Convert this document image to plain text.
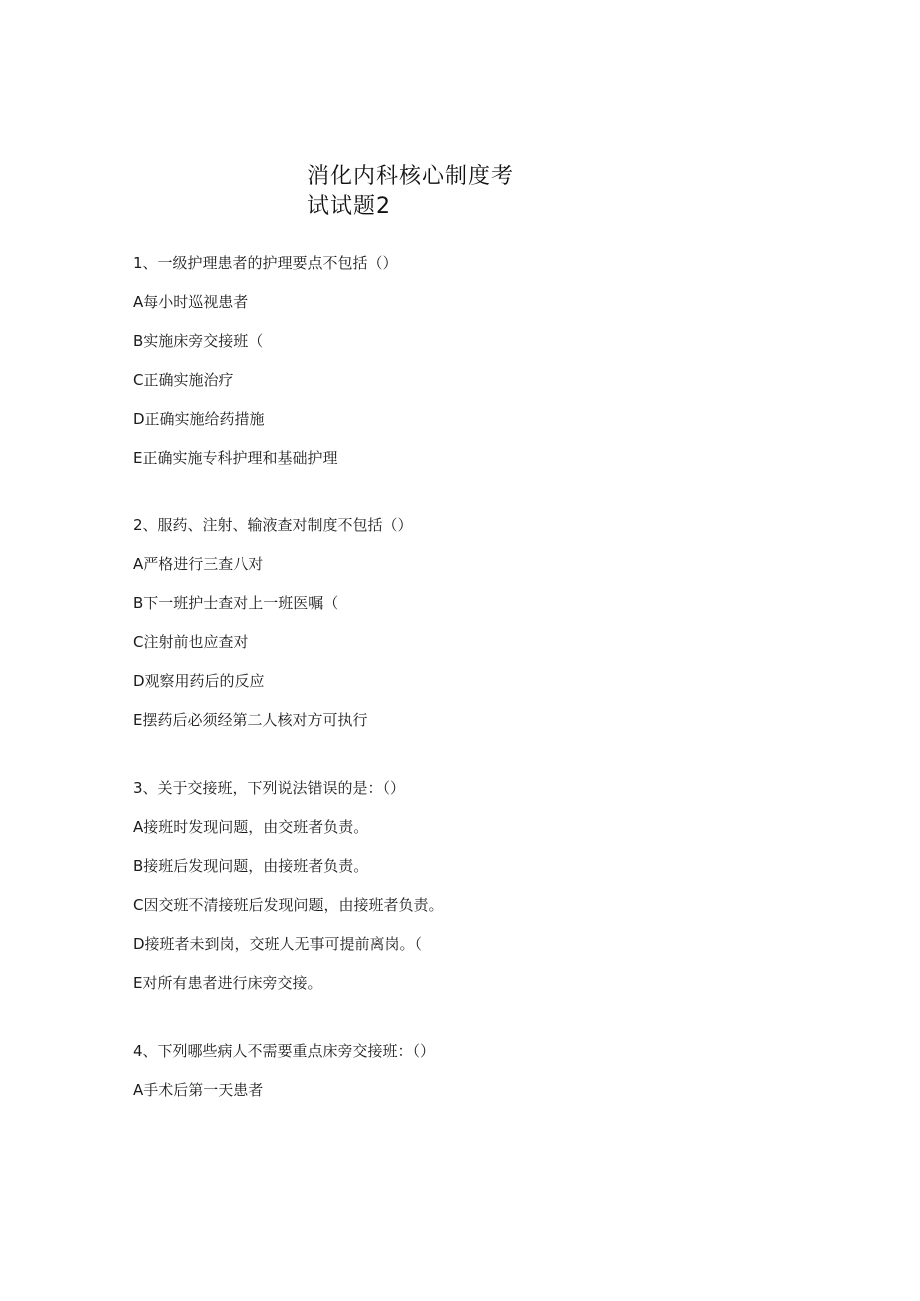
消化内科核心制度考
试试题2
1、一级护理患者的护理要点不包括（）
A每小时巡视患者
B实施床旁交接班（
C正确实施治疗
D正确实施给药措施
E正确实施专科护理和基础护理
2、服药、注射、输液查对制度不包括（）
A严格进行三查八对
B下一班护士查对上一班医嘱（
C注射前也应查对
D观察用药后的反应
E摆药后必须经第二人核对方可执行
3、关于交接班，下列说法错误的是：（）
A接班时发现问题，由交班者负责。
B接班后发现问题，由接班者负责。
C因交班不清接班后发现问题，由接班者负责。
D接班者未到岗，交班人无事可提前离岗。（
E对所有患者进行床旁交接。
4、下列哪些病人不需要重点床旁交接班：（）
A手术后第一天患者
